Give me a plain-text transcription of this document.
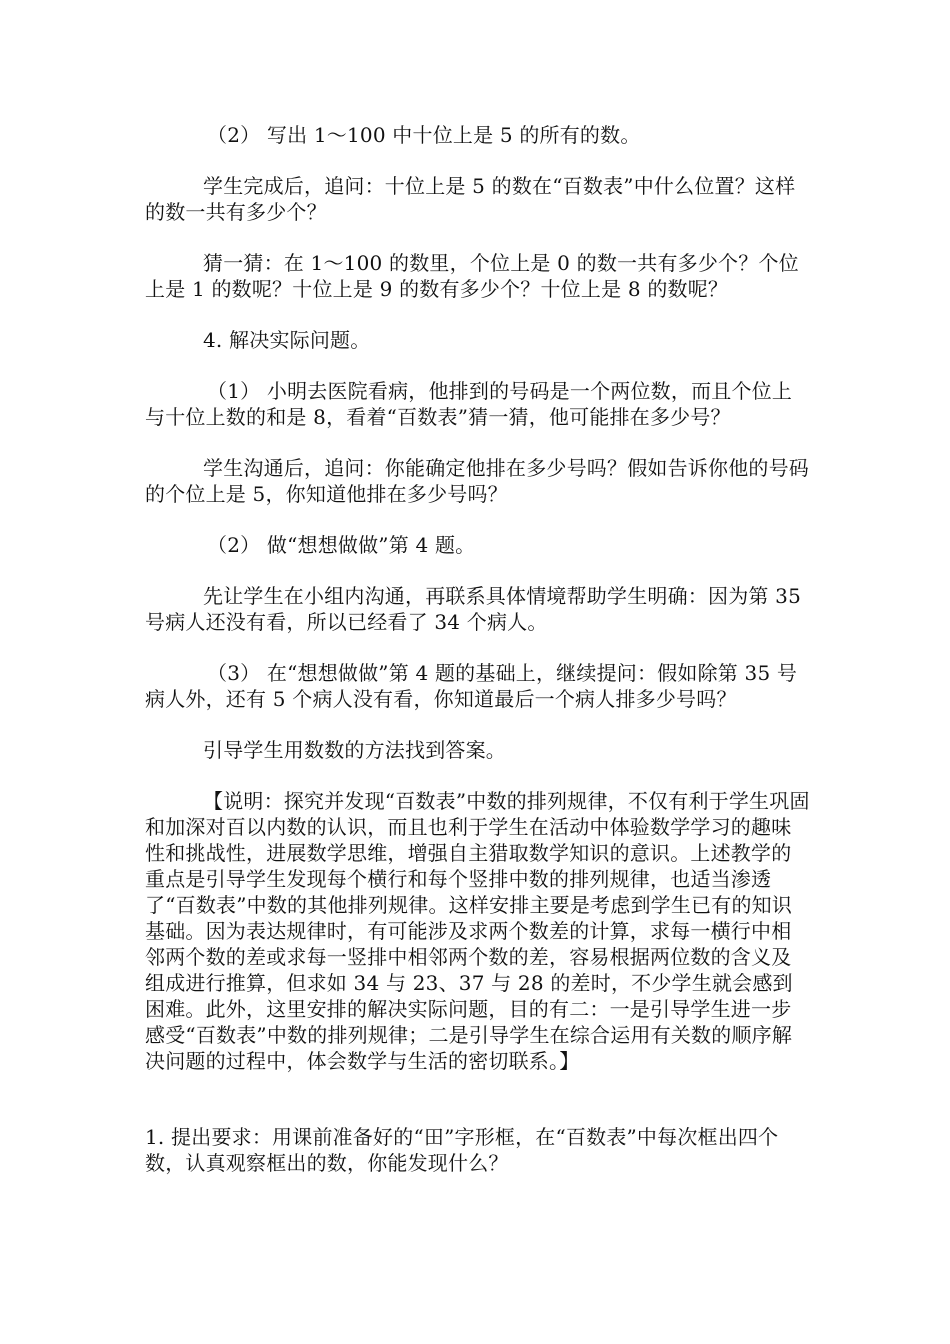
（2） 写出 1～100 中十位上是 5 的所有的数。

学生完成后，追问：十位上是 5 的数在“百数表”中什么位置？这样的数一共有多少个？

猜一猜：在 1～100 的数里，个位上是 0 的数一共有多少个？个位上是 1 的数呢？十位上是 9 的数有多少个？十位上是 8 的数呢？

4. 解决实际问题。

（1） 小明去医院看病，他排到的号码是一个两位数，而且个位上与十位上数的和是 8，看着“百数表”猜一猜，他可能排在多少号？

学生沟通后，追问：你能确定他排在多少号吗？假如告诉你他的号码的个位上是 5，你知道他排在多少号吗？

（2） 做“想想做做”第 4 题。

先让学生在小组内沟通，再联系具体情境帮助学生明确：因为第 35 号病人还没有看，所以已经看了 34 个病人。

（3） 在“想想做做”第 4 题的基础上，继续提问：假如除第 35 号病人外，还有 5 个病人没有看，你知道最后一个病人排多少号吗？

引导学生用数数的方法找到答案。

【说明：探究并发现“百数表”中数的排列规律，不仅有利于学生巩固和加深对百以内数的认识，而且也利于学生在活动中体验数学学习的趣味性和挑战性，进展数学思维，增强自主猎取数学知识的意识。上述教学的重点是引导学生发现每个横行和每个竖排中数的排列规律，也适当渗透了“百数表”中数的其他排列规律。这样安排主要是考虑到学生已有的知识基础。因为表达规律时，有可能涉及求两个数差的计算，求每一横行中相邻两个数的差或求每一竖排中相邻两个数的差，容易根据两位数的含义及组成进行推算，但求如 34 与 23、37 与 28 的差时，不少学生就会感到困难。此外，这里安排的解决实际问题，目的有二：一是引导学生进一步感受“百数表”中数的排列规律；二是引导学生在综合运用有关数的顺序解决问题的过程中，体会数学与生活的密切联系。】

1. 提出要求：用课前准备好的“田”字形框，在“百数表”中每次框出四个数，认真观察框出的数，你能发现什么？
